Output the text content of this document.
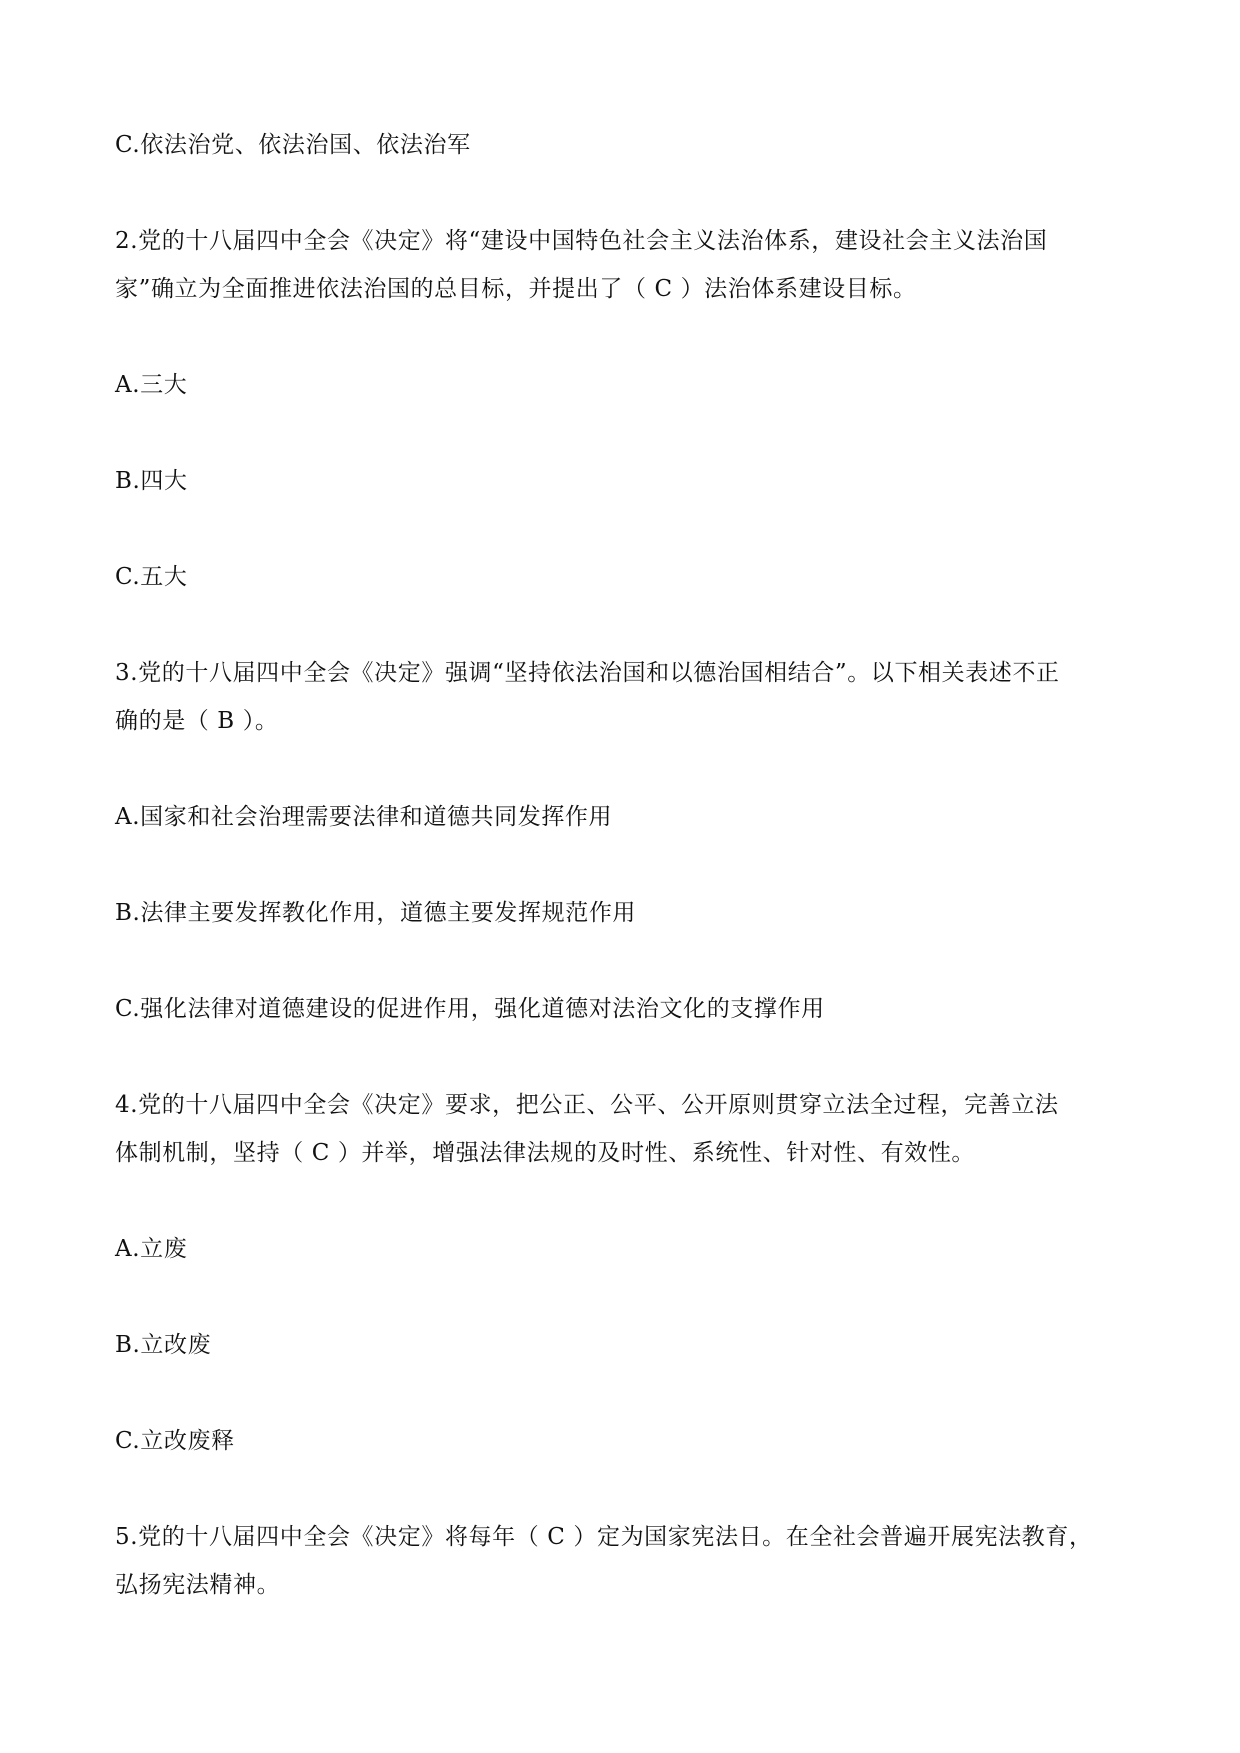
C.依法治党、依法治国、依法治军
2.党的十八届四中全会《决定》将“建设中国特色社会主义法治体系，建设社会主义法治国
家”确立为全面推进依法治国的总目标，并提出了（ C ）法治体系建设目标。
A.三大
B.四大
C.五大
3.党的十八届四中全会《决定》强调“坚持依法治国和以德治国相结合”。以下相关表述不正
确的是（ B ）。
A.国家和社会治理需要法律和道德共同发挥作用
B.法律主要发挥教化作用，道德主要发挥规范作用
C.强化法律对道德建设的促进作用，强化道德对法治文化的支撑作用
4.党的十八届四中全会《决定》要求，把公正、公平、公开原则贯穿立法全过程，完善立法
体制机制，坚持（ C ）并举，增强法律法规的及时性、系统性、针对性、有效性。
A.立废
B.立改废
C.立改废释
5.党的十八届四中全会《决定》将每年（ C ）定为国家宪法日。在全社会普遍开展宪法教育，
弘扬宪法精神。
